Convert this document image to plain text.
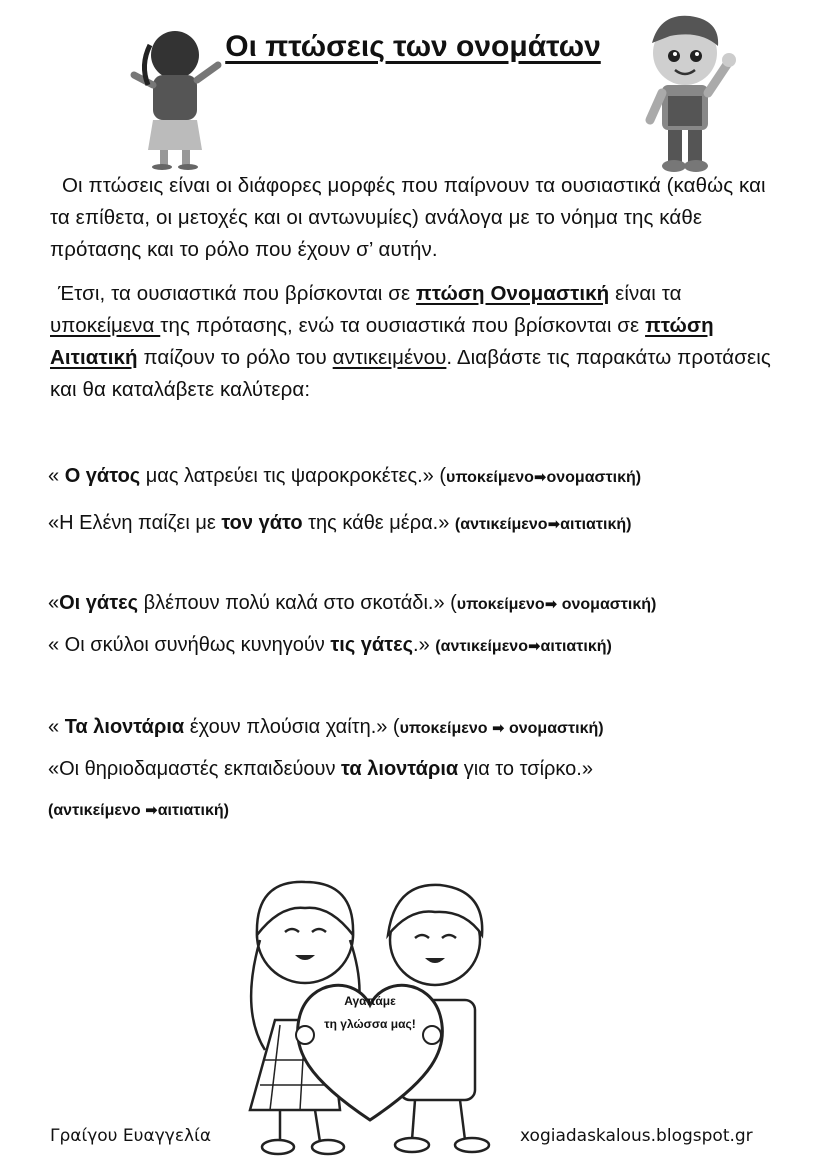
Οι πτώσεις των ονομάτων
Οι πτώσεις είναι οι διάφορες μορφές που παίρνουν τα ουσιαστικά (καθώς και τα επίθετα, οι μετοχές και οι αντωνυμίες) ανάλογα με το νόημα της κάθε πρότασης και το ρόλο που έχουν σ’ αυτήν.
Έτσι, τα ουσιαστικά που βρίσκονται σε πτώση Ονομαστική είναι τα υποκείμενα της πρότασης, ενώ τα ουσιαστικά που βρίσκονται σε πτώση Αιτιατική παίζουν το ρόλο του αντικειμένου. Διαβάστε τις παρακάτω προτάσεις και θα καταλάβετε καλύτερα:
« Ο γάτος μας λατρεύει τις ψαροκροκέτες.» (υποκείμενο➡ονομαστική)
«Η Ελένη παίζει με τον γάτο της κάθε μέρα.» (αντικείμενο➡αιτιατική)
«Οι γάτες βλέπουν πολύ καλά στο σκοτάδι.» (υποκείμενο➡ ονομαστική)
« Οι σκύλοι συνήθως κυνηγούν τις γάτες.» (αντικείμενο➡αιτιατική)
« Τα λιοντάρια έχουν πλούσια χαίτη.» (υποκείμενο ➡ ονομαστική)
«Οι θηριοδαμαστές εκπαιδεύουν τα λιοντάρια για το τσίρκο.»
(αντικείμενο ➡αιτιατική)
Αγαπάμε
τη γλώσσα μας!
Γραίγου Ευαγγελία	xogiadaskalous.blogspot.gr
